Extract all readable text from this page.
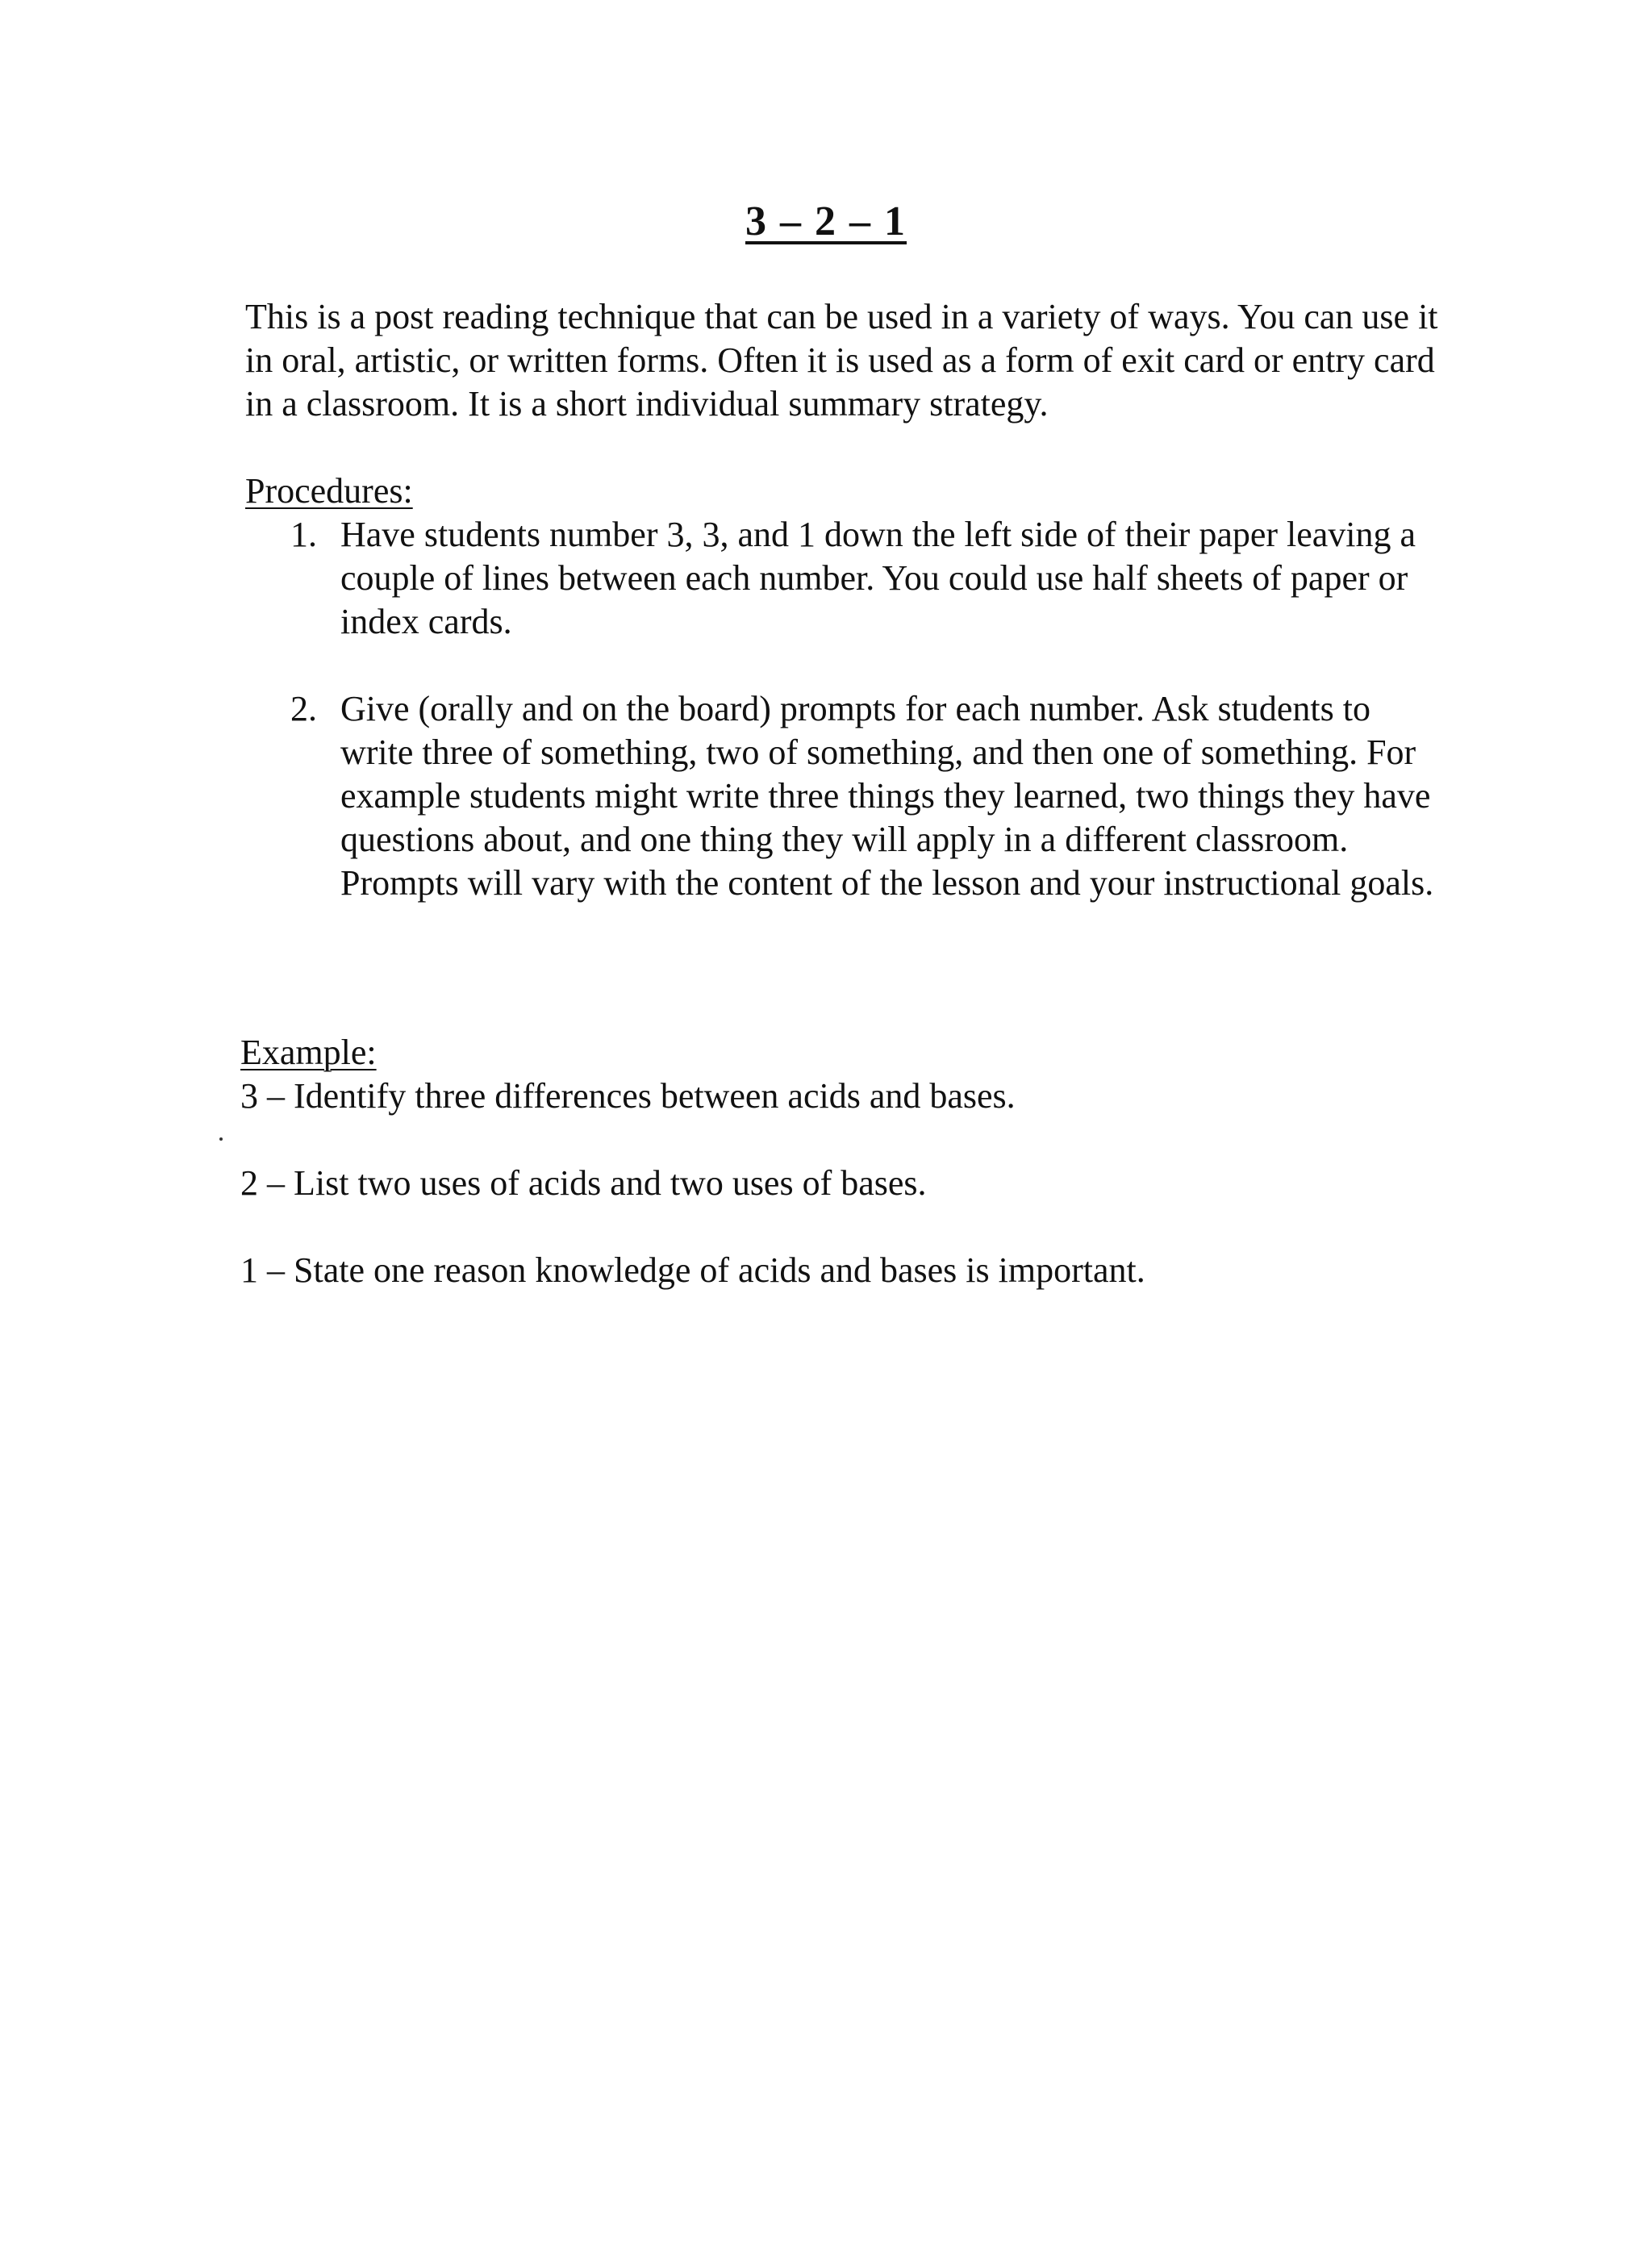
3 – 2 – 1

This is a post reading technique that can be used in a variety of ways. You can use it in oral, artistic, or written forms. Often it is used as a form of exit card or entry card in a classroom. It is a short individual summary strategy.

Procedures:
1. Have students number 3, 3, and 1 down the left side of their paper leaving a couple of lines between each number. You could use half sheets of paper or index cards.
2. Give (orally and on the board) prompts for each number. Ask students to write three of something, two of something, and then one of something. For example students might write three things they learned, two things they have questions about, and one thing they will apply in a different classroom. Prompts will vary with the content of the lesson and your instructional goals.
Example:
3 – Identify three differences between acids and bases.
2 – List two uses of acids and two uses of bases.
1 – State one reason knowledge of acids and bases is important.
